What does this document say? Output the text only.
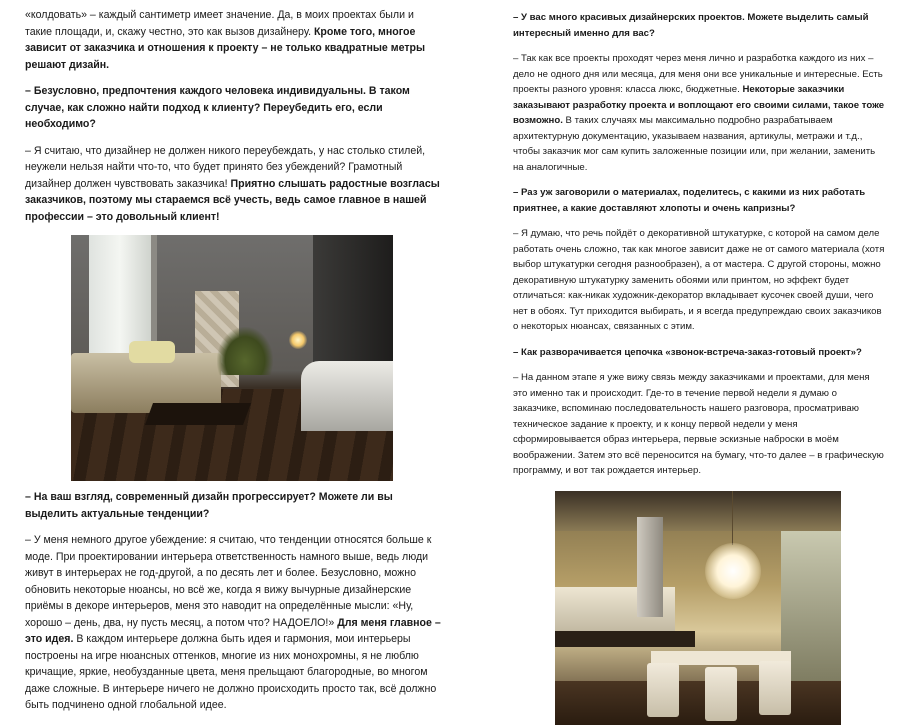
«колдовать» – каждый сантиметр имеет значение. Да, в моих проектах были и такие площади, и, скажу честно, это как вызов дизайнеру. Кроме того, многое зависит от заказчика и отношения к проекту – не только квадратные метры решают дизайн.

– Безусловно, предпочтения каждого человека индивидуальны. В таком случае, как сложно найти подход к клиенту? Переубедить его, если необходимо?

– Я считаю, что дизайнер не должен никого переубеждать, у нас столько стилей, неужели нельзя найти что-то, что будет принято без убеждений? Грамотный дизайнер должен чувствовать заказчика! Приятно слышать радостные возгласы заказчиков, поэтому мы стараемся всё учесть, ведь самое главное в нашей профессии – это довольный клиент!

– На ваш взгляд, современный дизайн прогрессирует? Можете ли вы выделить актуальные тенденции?

– У меня немного другое убеждение: я считаю, что тенденции относятся больше к моде. При проектировании интерьера ответственность намного выше, ведь люди живут в интерьерах не год-другой, а по десять лет и более. Безусловно, можно обновить некоторые нюансы, но всё же, когда я вижу вычурные дизайнерские приёмы в декоре интерьеров, меня это наводит на определённые мысли: «Ну, хорошо – день, два, ну пусть месяц, а потом что? НАДОЕЛО!» Для меня главное – это идея. В каждом интерьере должна быть идея и гармония, мои интерьеры построены на игре нюансных оттенков, многие из них монохромны, я не люблю кричащие, яркие, необузданные цвета, меня прельщают благородные, во многом даже сложные. В интерьере ничего не должно происходить просто так, всё должно быть подчинено одной глобальной идее.

– У вас много красивых дизайнерских проектов. Можете выделить самый интересный именно для вас?

– Так как все проекты проходят через меня лично и разработка каждого из них – дело не одного дня или месяца, для меня они все уникальные и интересные. Есть проекты разного уровня: класса люкс, бюджетные. Некоторые заказчики заказывают разработку проекта и воплощают его своими силами, такое тоже возможно. В таких случаях мы максимально подробно разрабатываем архитектурную документацию, указываем названия, артикулы, метражи и т.д., чтобы заказчик мог сам купить заложенные позиции или, при желании, заменить на аналогичные.

– Раз уж заговорили о материалах, поделитесь, с какими из них работать приятнее, а какие доставляют хлопоты и очень капризны?

– Я думаю, что речь пойдёт о декоративной штукатурке, с которой на самом деле работать очень сложно, так как многое зависит даже не от самого материала (хотя выбор штукатурки сегодня разнообразен), а от мастера. С другой стороны, можно декоративную штукатурку заменить обоями или принтом, но эффект будет отличаться: как-никак художник-декоратор вкладывает кусочек своей души, чего нет в обоях. Тут приходится выбирать, и я всегда предупреждаю своих заказчиков о некоторых нюансах, связанных с этим.

– Как разворачивается цепочка «звонок-встреча-заказ-готовый проект»?

– На данном этапе я уже вижу связь между заказчиками и проектами, для меня это именно так и происходит. Где-то в течение первой недели я думаю о заказчике, вспоминаю последовательность нашего разговора, просматриваю техническое задание к проекту, и к концу первой недели у меня сформировывается образ интерьера, первые эскизные наброски в моём воображении. Затем это всё переносится на бумагу, что-то далее – в графическую программу, и вот так рождается интерьер.
